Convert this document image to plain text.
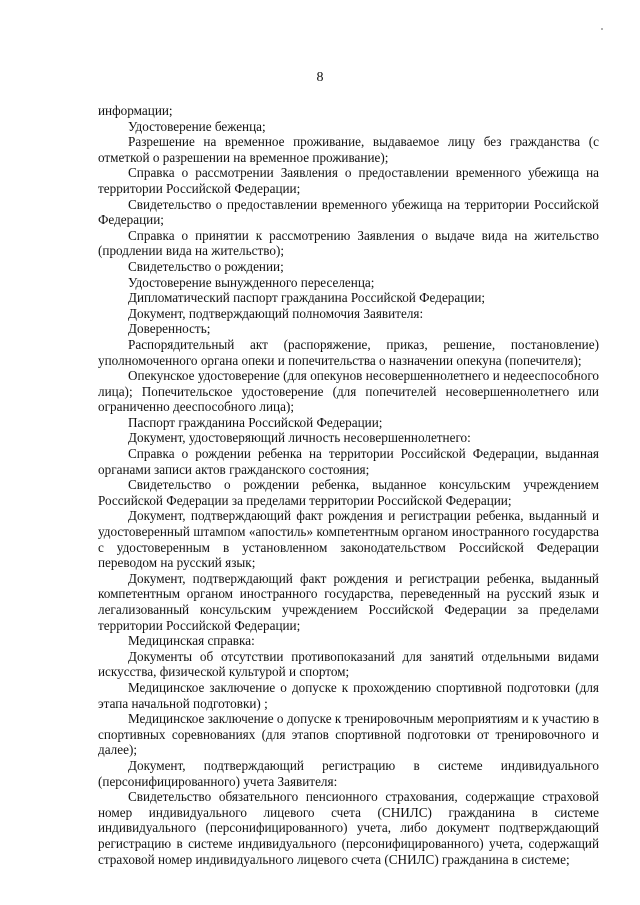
8

информации;

Удостоверение беженца;

Разрешение на временное проживание, выдаваемое лицу без гражданства (с отметкой о разрешении на временное проживание);

Справка о рассмотрении Заявления о предоставлении временного убежища на территории Российской Федерации;

Свидетельство о предоставлении временного убежища на территории Российской Федерации;

Справка о принятии к рассмотрению Заявления о выдаче вида на жительство (продлении вида на жительство);

Свидетельство о рождении;

Удостоверение вынужденного переселенца;

Дипломатический паспорт гражданина Российской Федерации;

Документ, подтверждающий полномочия Заявителя:

Доверенность;

Распорядительный акт (распоряжение, приказ, решение, постановление) уполномоченного органа опеки и попечительства о назначении опекуна (попечителя);

Опекунское удостоверение (для опекунов несовершеннолетнего и недееспособного лица); Попечительское удостоверение (для попечителей несовершеннолетнего или ограниченно дееспособного лица);

Паспорт гражданина Российской Федерации;

Документ, удостоверяющий личность несовершеннолетнего:

Справка о рождении ребенка на территории Российской Федерации, выданная органами записи актов гражданского состояния;

Свидетельство о рождении ребенка, выданное консульским учреждением Российской Федерации за пределами территории Российской Федерации;

Документ, подтверждающий факт рождения и регистрации ребенка, выданный и удостоверенный штампом «апостиль» компетентным органом иностранного государства с удостоверенным в установленном законодательством Российской Федерации переводом на русский язык;

Документ, подтверждающий факт рождения и регистрации ребенка, выданный компетентным органом иностранного государства, переведенный на русский язык и легализованный консульским учреждением Российской Федерации за пределами территории Российской Федерации;

Медицинская справка:

Документы об отсутствии противопоказаний для занятий отдельными видами искусства, физической культурой и спортом;

Медицинское заключение о допуске к прохождению спортивной подготовки (для этапа начальной подготовки) ;

Медицинское заключение о допуске к тренировочным мероприятиям и к участию в спортивных соревнованиях (для этапов спортивной подготовки от тренировочного и далее);

Документ, подтверждающий регистрацию в системе индивидуального (персонифицированного) учета Заявителя:

Свидетельство обязательного пенсионного страхования, содержащие страховой номер индивидуального лицевого счета (СНИЛС) гражданина в системе индивидуального (персонифицированного) учета, либо документ подтверждающий регистрацию в системе индивидуального (персонифицированного) учета, содержащий страховой номер индивидуального лицевого счета (СНИЛС) гражданина в системе;
